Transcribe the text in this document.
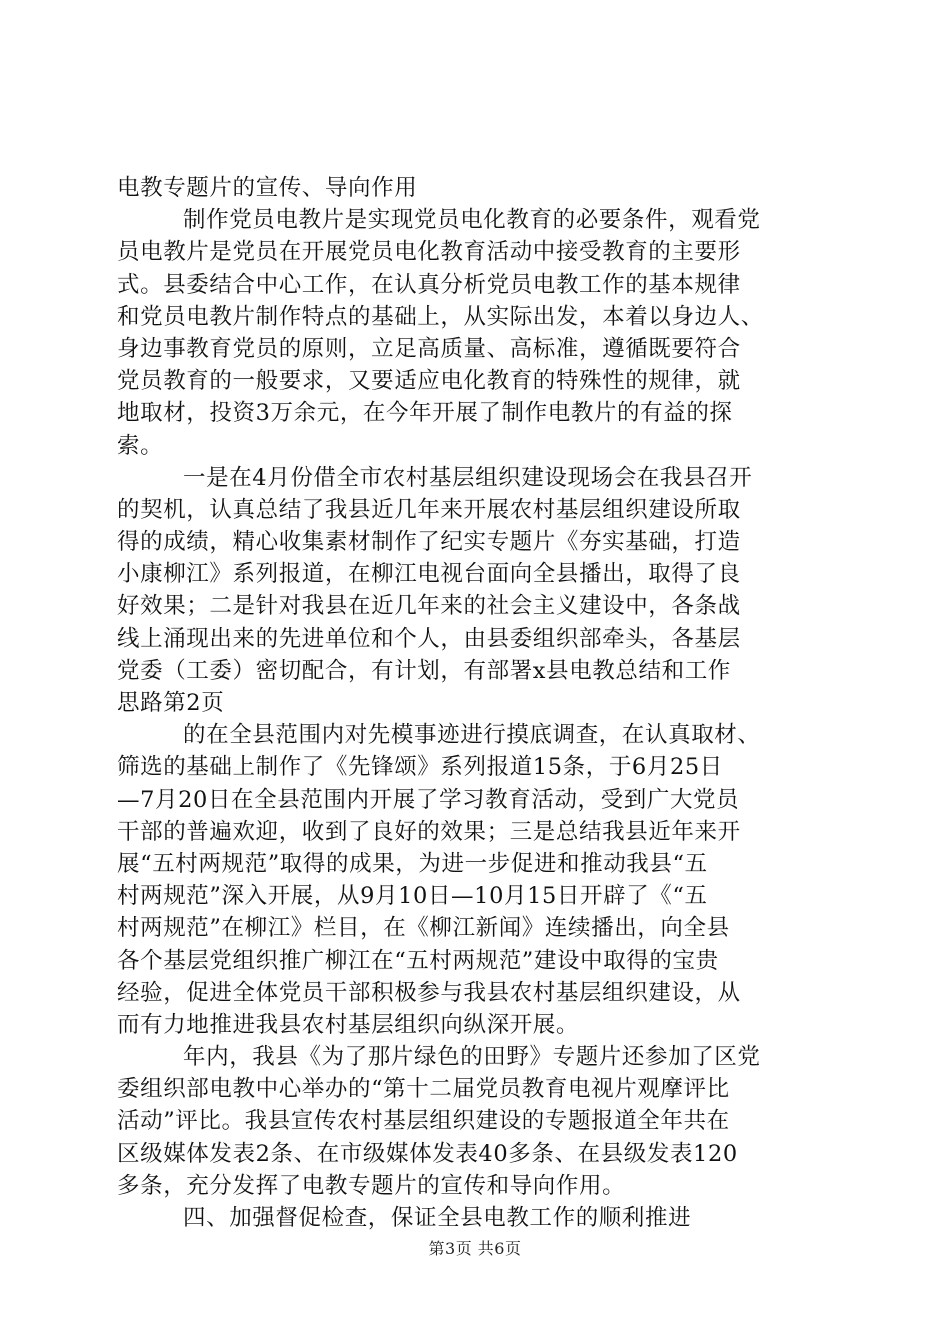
电教专题片的宣传、导向作用
制作党员电教片是实现党员电化教育的必要条件，观看党
员电教片是党员在开展党员电化教育活动中接受教育的主要形
式。县委结合中心工作，在认真分析党员电教工作的基本规律
和党员电教片制作特点的基础上，从实际出发，本着以身边人、
身边事教育党员的原则，立足高质量、高标准，遵循既要符合
党员教育的一般要求，又要适应电化教育的特殊性的规律，就
地取材，投资3万余元，在今年开展了制作电教片的有益的探
索。
一是在4月份借全市农村基层组织建设现场会在我县召开
的契机，认真总结了我县近几年来开展农村基层组织建设所取
得的成绩，精心收集素材制作了纪实专题片《夯实基础，打造
小康柳江》系列报道，在柳江电视台面向全县播出，取得了良
好效果；二是针对我县在近几年来的社会主义建设中，各条战
线上涌现出来的先进单位和个人，由县委组织部牵头，各基层
党委（工委）密切配合，有计划，有部署x县电教总结和工作
思路第2页
的在全县范围内对先模事迹进行摸底调查，在认真取材、
筛选的基础上制作了《先锋颂》系列报道15条，于6月25日
—7月20日在全县范围内开展了学习教育活动，受到广大党员
干部的普遍欢迎，收到了良好的效果；三是总结我县近年来开
展“五村两规范”取得的成果，为进一步促进和推动我县“五
村两规范”深入开展，从9月10日—10月15日开辟了《“五
村两规范”在柳江》栏目，在《柳江新闻》连续播出，向全县
各个基层党组织推广柳江在“五村两规范”建设中取得的宝贵
经验，促进全体党员干部积极参与我县农村基层组织建设，从
而有力地推进我县农村基层组织向纵深开展。
年内，我县《为了那片绿色的田野》专题片还参加了区党
委组织部电教中心举办的“第十二届党员教育电视片观摩评比
活动”评比。我县宣传农村基层组织建设的专题报道全年共在
区级媒体发表2条、在市级媒体发表40多条、在县级发表120
多条，充分发挥了电教专题片的宣传和导向作用。
四、加强督促检查，保证全县电教工作的顺利推进
第3页 共6页
